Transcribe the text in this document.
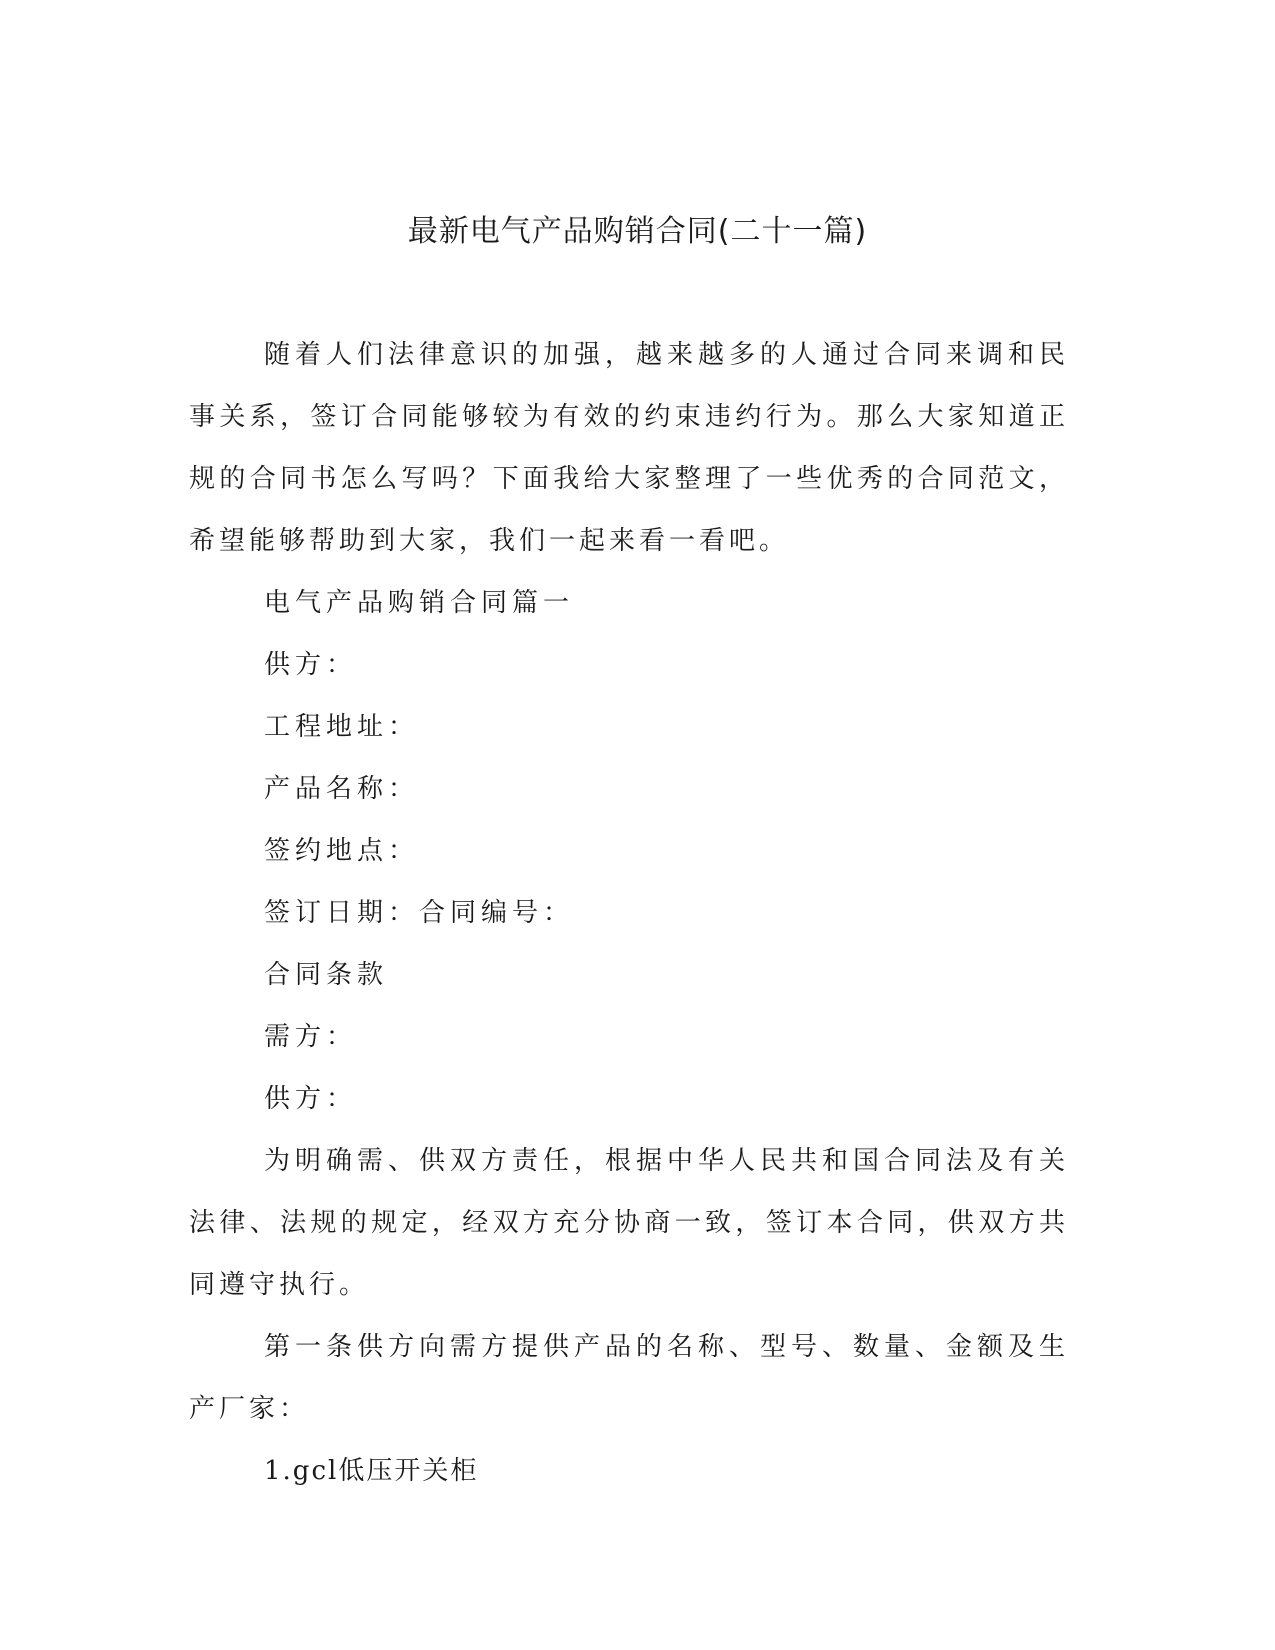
最新电气产品购销合同(二十一篇)

随着人们法律意识的加强，越来越多的人通过合同来调和民事关系，签订合同能够较为有效的约束违约行为。那么大家知道正规的合同书怎么写吗？下面我给大家整理了一些优秀的合同范文，希望能够帮助到大家，我们一起来看一看吧。

电气产品购销合同篇一

供方：

工程地址：

产品名称：

签约地点：

签订日期：合同编号：

合同条款

需方：

供方：

为明确需、供双方责任，根据中华人民共和国合同法及有关法律、法规的规定，经双方充分协商一致，签订本合同，供双方共同遵守执行。

第一条供方向需方提供产品的名称、型号、数量、金额及生产厂家：

1.gcl低压开关柜
